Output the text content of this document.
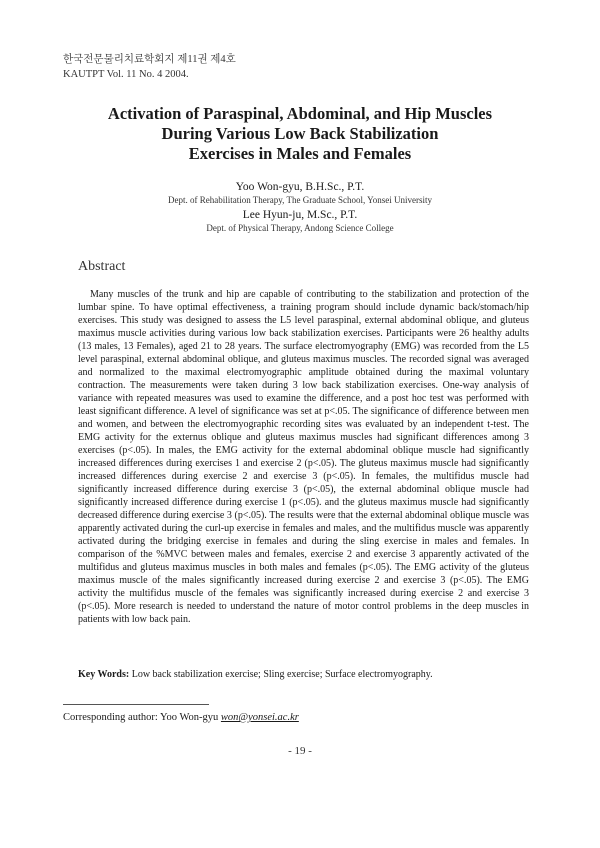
한국전문물리치료학회지 제11권 제4호
KAUTPT Vol. 11 No. 4 2004.
Activation of Paraspinal, Abdominal, and Hip Muscles
During Various Low Back Stabilization
Exercises in Males and Females
Yoo Won-gyu, B.H.Sc., P.T.
Dept. of Rehabilitation Therapy, The Graduate School, Yonsei University
Lee Hyun-ju, M.Sc., P.T.
Dept. of Physical Therapy, Andong Science College
Abstract

Many muscles of the trunk and hip are capable of contributing to the stabilization and protection of the lumbar spine. To have optimal effectiveness, a training program should include dynamic back/stomach/hip exercises. This study was designed to assess the L5 level paraspinal, external abdominal oblique, and gluteus maximus muscle activities during various low back stabilization exercises. Participants were 26 healthy adults (13 males, 13 Females), aged 21 to 28 years. The surface electromyography (EMG) was recorded from the L5 level paraspinal, external abdominal oblique, and gluteus maximus muscles. The recorded signal was averaged and normalized to the maximal electromyographic amplitude obtained during the maximal voluntary contraction. The measurements were taken during 3 low back stabilization exercises. One-way analysis of variance with repeated measures was used to examine the difference, and a post hoc test was performed with least significant difference. A level of significance was set at p<.05. The significance of difference between men and women, and between the electromyographic recording sites was evaluated by an independent t-test. The EMG activity for the externus oblique and gluteus maximus muscles had significant differences among 3 exercises (p<.05). In males, the EMG activity for the external abdominal oblique muscle had significantly increased differences during exercises 1 and exercise 2 (p<.05). The gluteus maximus muscle had significantly increased differences during exercise 2 and exercise 3 (p<.05). In females, the multifidus muscle had significantly increased difference during exercise 3 (p<.05), the external abdominal oblique muscle had significantly increased difference during exercise 1 (p<.05). and the gluteus maximus muscle had significantly decreased difference during exercise 3 (p<.05). The results were that the external abdominal oblique muscle was apparently activated during the curl-up exercise in females and males, and the multifidus muscle was apparently activated during the bridging exercise in females and during the sling exercise in males and females. In comparison of the %MVC between males and females, exercise 2 and exercise 3 apparently activated of the multifidus and gluteus maximus muscles in both males and females (p<.05). The EMG activity of the gluteus maximus muscle of the males significantly increased during exercise 2 and exercise 3 (p<.05). The EMG activity the multifidus muscle of the females was significantly increased during exercise 2 and exercise 3 (p<.05). More research is needed to understand the nature of motor control problems in the deep muscles in patients with low back pain.

Key Words: Low back stabilization exercise; Sling exercise; Surface electromyography.
Corresponding author: Yoo Won-gyu won@yonsei.ac.kr
- 19 -
